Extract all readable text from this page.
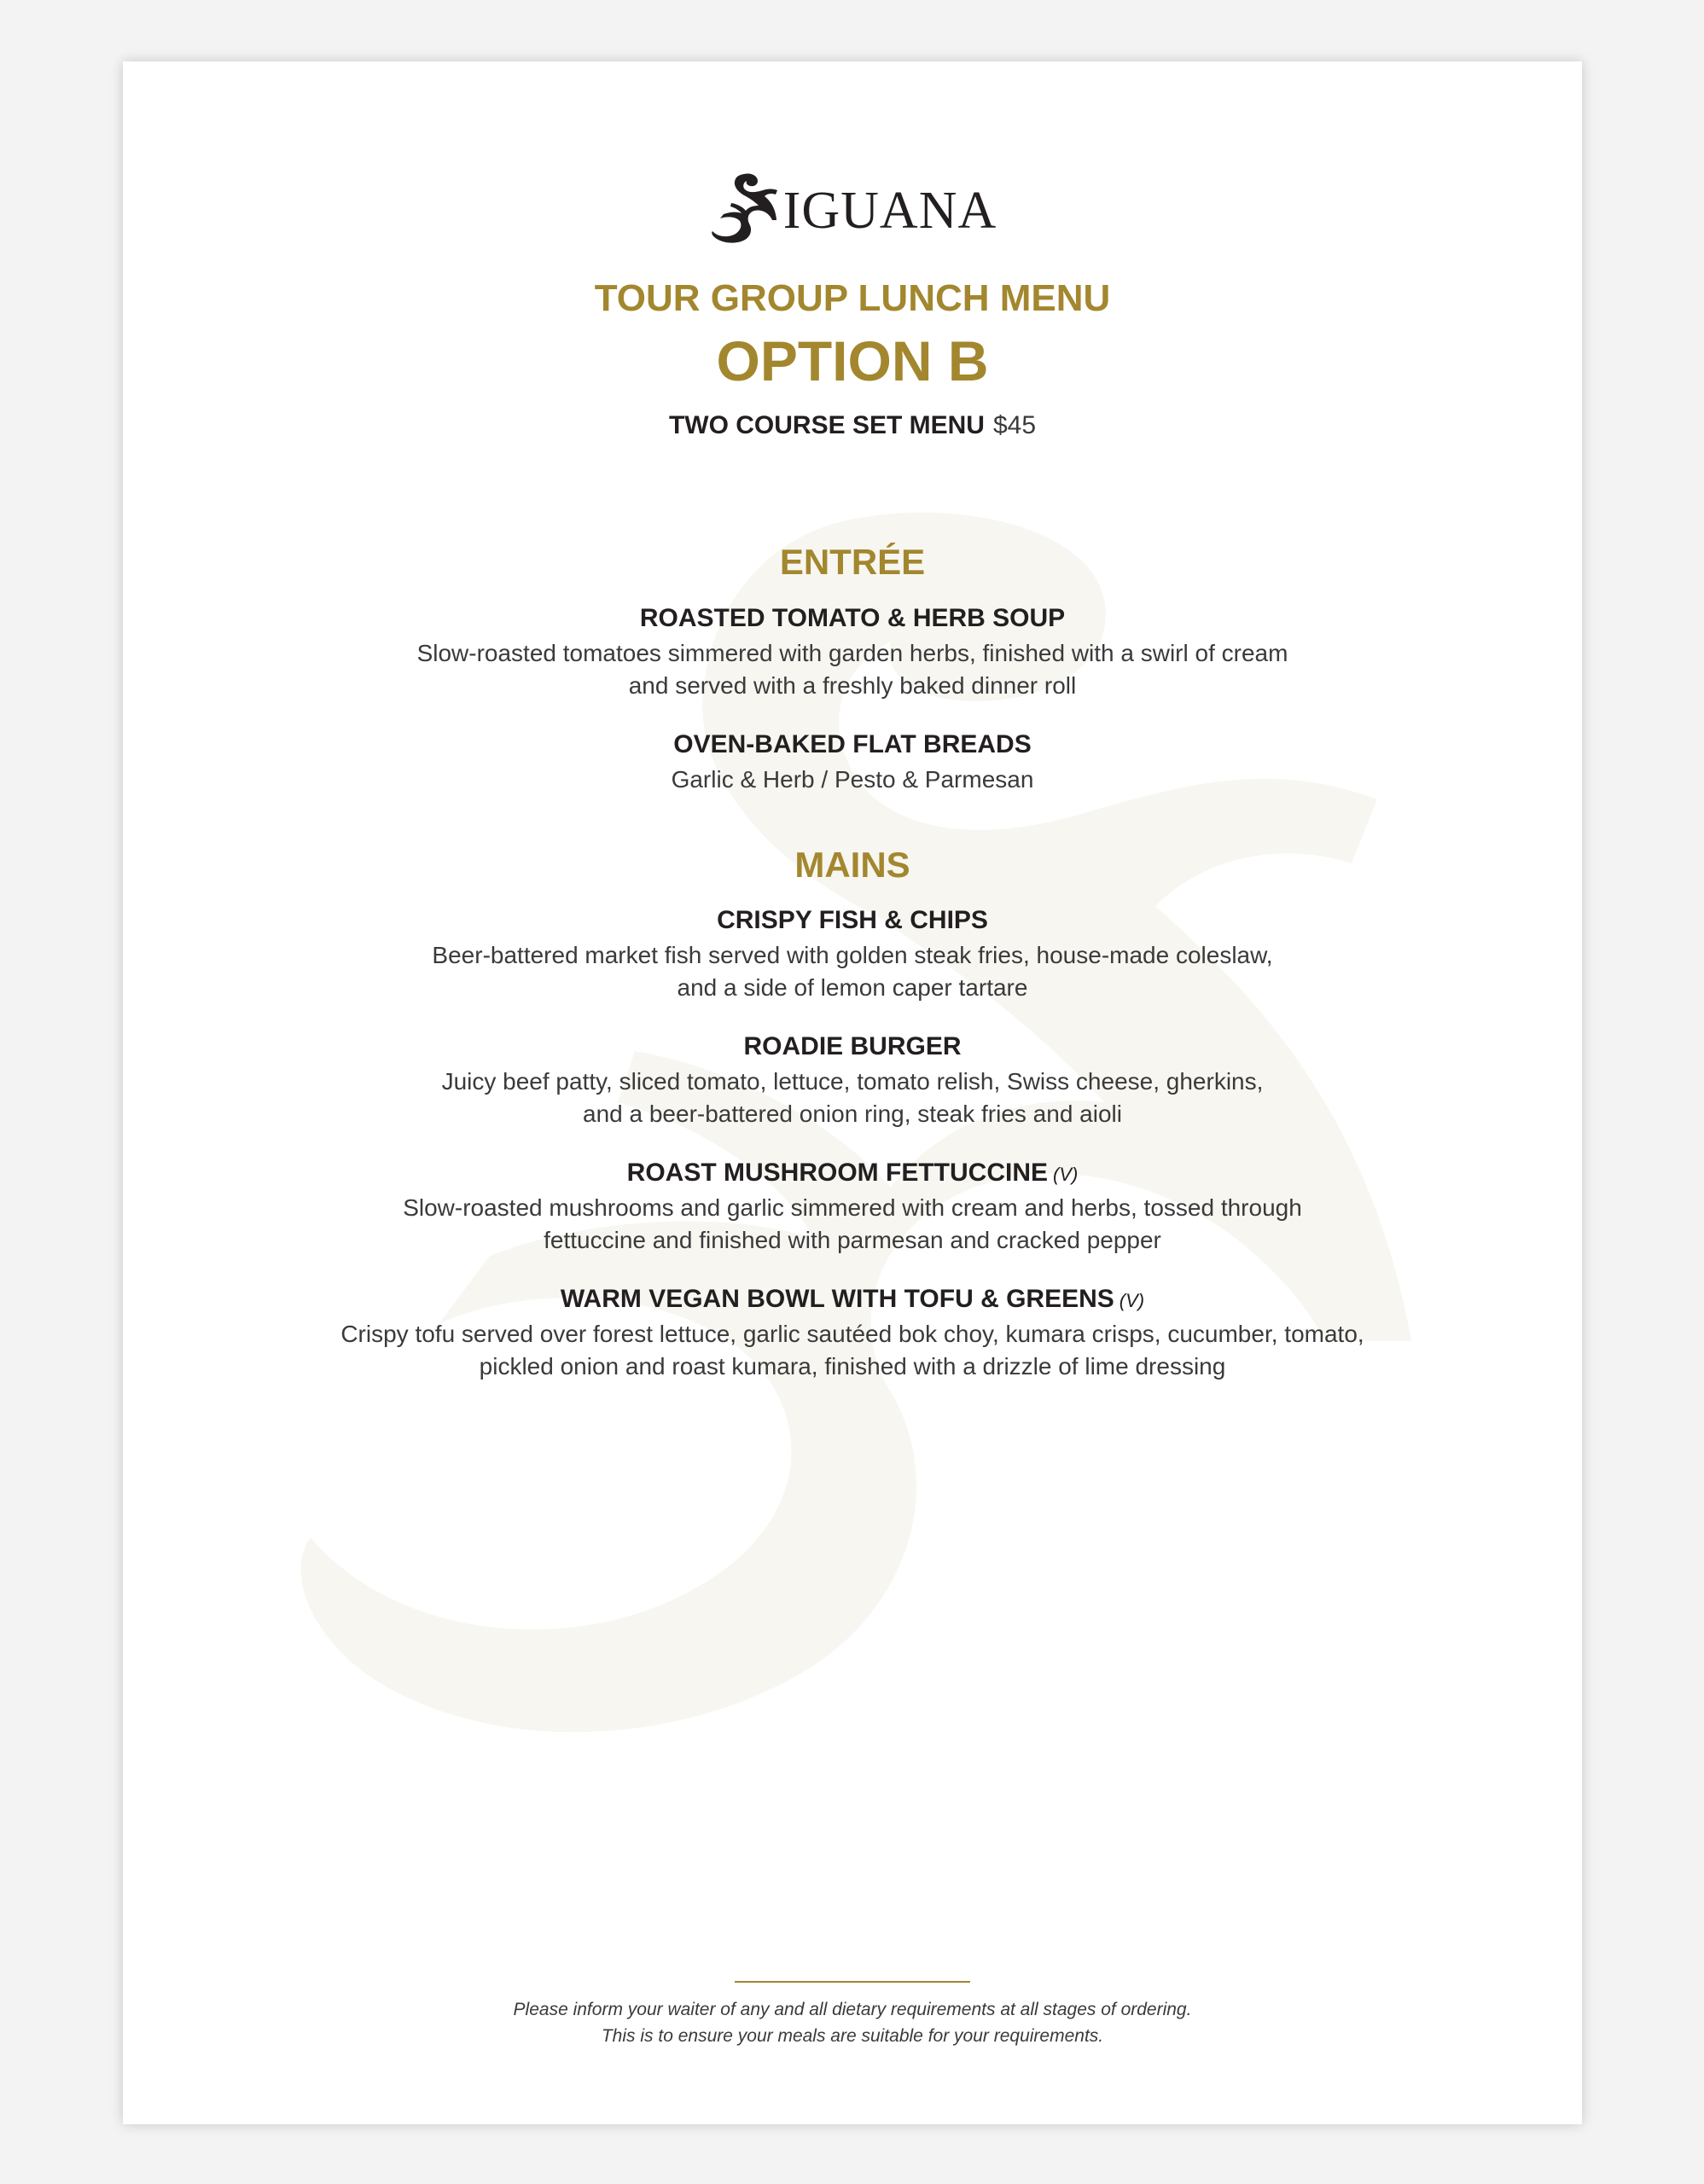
IGUANA
TOUR GROUP LUNCH MENU
OPTION B
TWO COURSE SET MENU $45
ENTRÉE
ROASTED TOMATO & HERB SOUP
Slow-roasted tomatoes simmered with garden herbs, finished with a swirl of cream
and served with a freshly baked dinner roll
OVEN-BAKED FLAT BREADS
Garlic & Herb / Pesto & Parmesan
MAINS
CRISPY FISH & CHIPS
Beer-battered market fish served with golden steak fries, house-made coleslaw,
and a side of lemon caper tartare
ROADIE BURGER
Juicy beef patty, sliced tomato, lettuce, tomato relish, Swiss cheese, gherkins,
and a beer-battered onion ring, steak fries and aioli
ROAST MUSHROOM FETTUCCINE (V)
Slow-roasted mushrooms and garlic simmered with cream and herbs, tossed through
fettuccine and finished with parmesan and cracked pepper
WARM VEGAN BOWL WITH TOFU & GREENS (V)
Crispy tofu served over forest lettuce, garlic sautéed bok choy, kumara crisps, cucumber, tomato,
pickled onion and roast kumara, finished with a drizzle of lime dressing
Please inform your waiter of any and all dietary requirements at all stages of ordering.
This is to ensure your meals are suitable for your requirements.
